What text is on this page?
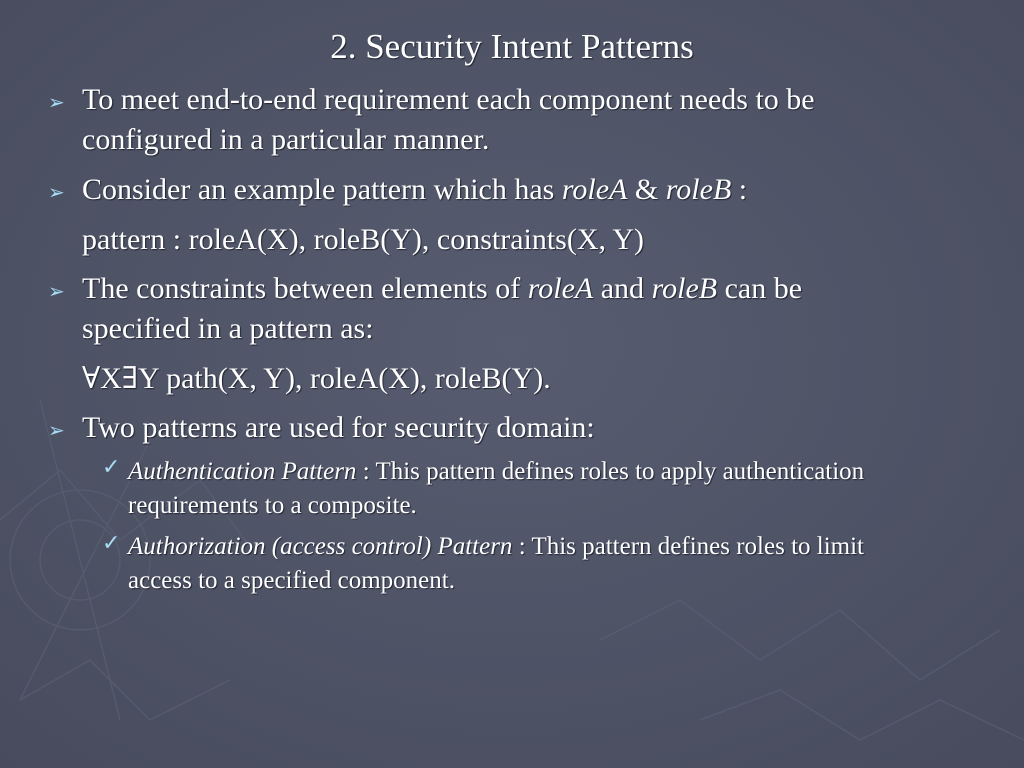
2. Security Intent Patterns
➢ To meet end-to-end requirement each component needs to be

configured in a particular manner.

➢ Consider an example pattern which has roleA & roleB :

pattern : roleA(X), roleB(Y), constraints(X, Y)

➢ The constraints between elements of roleA and roleB can be

specified in a pattern as:

∀X∃Y path(X, Y), roleA(X), roleB(Y).

➢ Two patterns are used for security domain:

✓ Authentication Pattern : This pattern defines roles to apply authentication

requirements to a composite.

✓ Authorization (access control) Pattern : This pattern defines roles to limit

access to a specified component.
